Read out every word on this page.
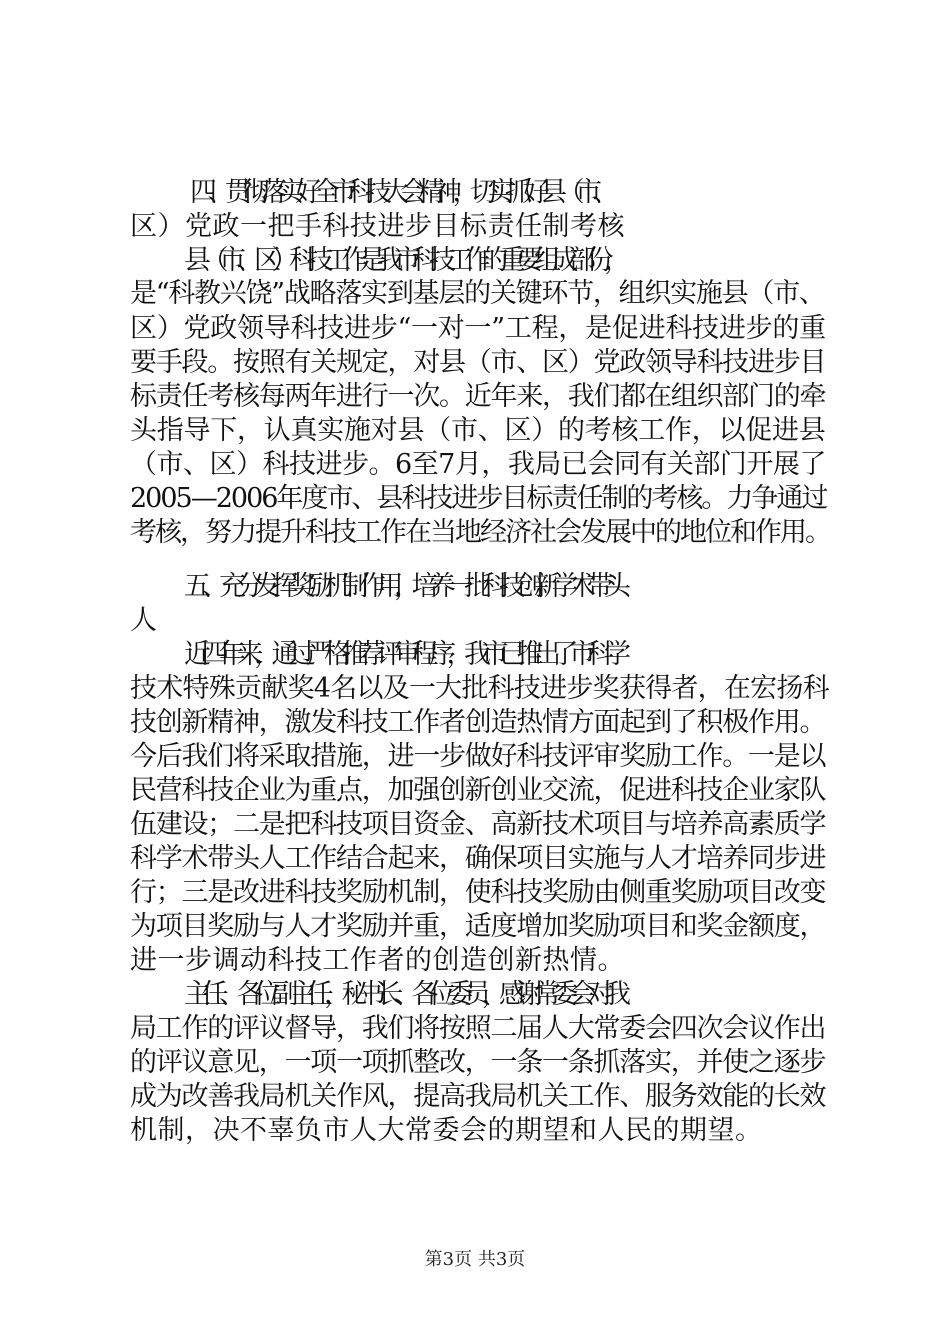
四、贯彻落实好全市科技大会精神，切实抓好县（市、
区）党政一把手科技进步目标责任制考核
县（市、区）科技工作是我市科技工作的重要组成部份，
是“科教兴饶”战略落实到基层的关键环节，组织实施县（市、
区）党政领导科技进步“一对一”工程，是促进科技进步的重
要手段。按照有关规定，对县（市、区）党政领导科技进步目
标责任考核每两年进行一次。近年来，我们都在组织部门的牵
头指导下，认真实施对县（市、区）的考核工作，以促进县
（市、区）科技进步。6至7月，我局已会同有关部门开展了
2005—2006年度市、县科技进步目标责任制的考核。力争通过
考核，努力提升科技工作在当地经济社会发展中的地位和作用。
五、充分发挥奖励机制作用，培养一批科技创新学术带头
人
近四年来，通过严格推荐评审程序，我市已推出了市科学
技术特殊贡献奖4名以及一大批科技进步奖获得者，在宏扬科
技创新精神，激发科技工作者创造热情方面起到了积极作用。
今后我们将采取措施，进一步做好科技评审奖励工作。一是以
民营科技企业为重点，加强创新创业交流，促进科技企业家队
伍建设；二是把科技项目资金、高新技术项目与培养高素质学
科学术带头人工作结合起来，确保项目实施与人才培养同步进
行；三是改进科技奖励机制，使科技奖励由侧重奖励项目改变
为项目奖励与人才奖励并重，适度增加奖励项目和奖金额度，
进一步调动科技工作者的创造创新热情。
主任、各位副主任，秘书长、各位委员，感谢常委会对我
局工作的评议督导，我们将按照二届人大常委会四次会议作出
的评议意见，一项一项抓整改，一条一条抓落实，并使之逐步
成为改善我局机关作风，提高我局机关工作、服务效能的长效
机制，决不辜负市人大常委会的期望和人民的期望。
第3页 共3页
